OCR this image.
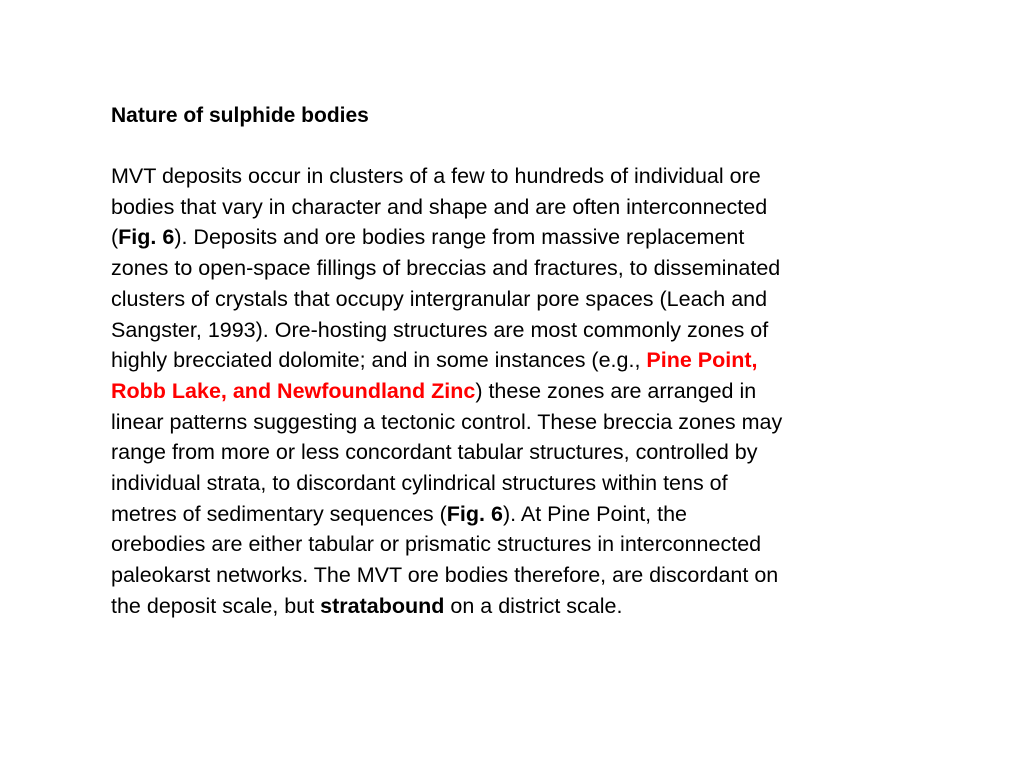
Nature of sulphide bodies
MVT deposits occur in clusters of a few to hundreds of individual ore
bodies that vary in character and shape and are often interconnected
(Fig. 6). Deposits and ore bodies range from massive replacement
zones to open-space fillings of breccias and fractures, to disseminated
clusters of crystals that occupy intergranular pore spaces (Leach and
Sangster, 1993). Ore-hosting structures are most commonly zones of
highly brecciated dolomite; and in some instances (e.g., Pine Point,
Robb Lake, and Newfoundland Zinc) these zones are arranged in
linear patterns suggesting a tectonic control. These breccia zones may
range from more or less concordant tabular structures, controlled by
individual strata, to discordant cylindrical structures within tens of
metres of sedimentary sequences (Fig. 6). At Pine Point, the
orebodies are either tabular or prismatic structures in interconnected
paleokarst networks. The MVT ore bodies therefore, are discordant on
the deposit scale, but stratabound on a district scale.
